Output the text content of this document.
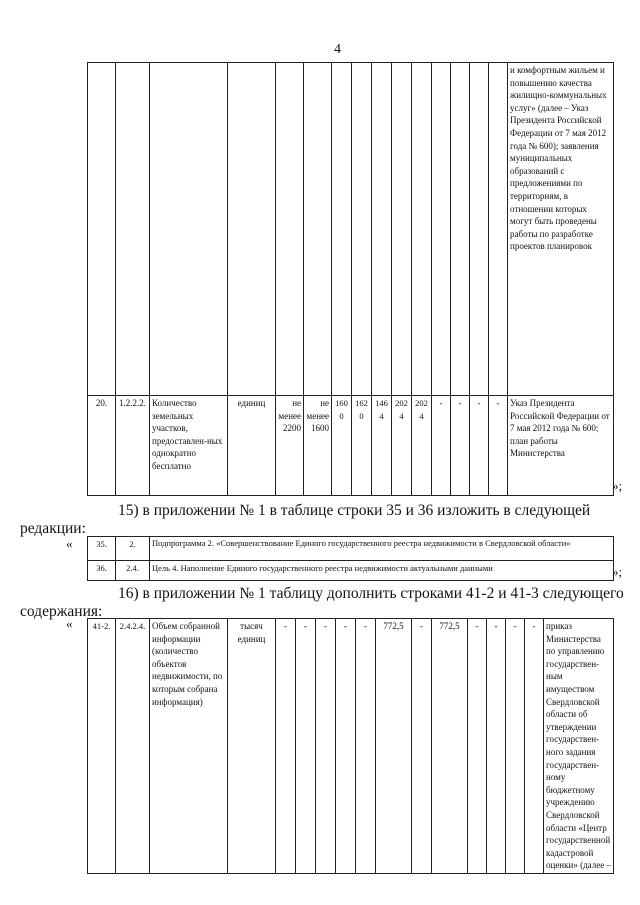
4
															и комфортным жильем и повышению качества жилищно-коммунальных услуг» (далее – Указ Президента Российской Федерации от 7 мая 2012 года № 600); заявления муниципальных образований с предложениями по территориям, в отношении которых могут быть проведены работы по разработке проектов планировок
20.	1.2.2.2.	Количество земельных участков, предоставлен-ных однократно бесплатно	единиц	не менее 2200	не менее 1600	1600	1620	1464	2024	2024	-	-	-	-	Указ Президента Российской Федерации от 7 мая 2012 года № 600; план работы Министерства
»;
15) в приложении № 1 в таблице строки 35 и 36 изложить в следующей
редакции:
«	35.	2.	Подпрограмма 2. «Совершенствование Единого государственного реестра недвижимости в Свердловской области»
36.	2.4.	Цель 4. Наполнение Единого государственного реестра недвижимости актуальными данными	»;
16) в приложении № 1 таблицу дополнить строками 41-2 и 41-3 следующего
содержания:
« 41-2.	2.4.2.4.	Объем собранной информации (количество объектов недвижимости, по которым собрана информация)	тысяч единиц	-	-	-	-	-	772,5	-	772,5	-	-	-	-	приказ Министерства по управлению государствен-ным имуществом Свердловской области об утверждении государствен-ного задания государствен-ному бюджетному учреждению Свердловской области «Центр государственной кадастровой оценки» (далее –
